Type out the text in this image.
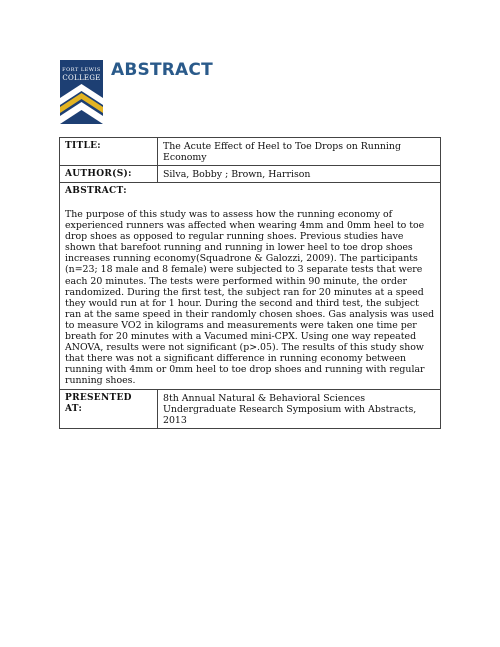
FORT LEWIS
COLLEGE ABSTRACT
TITLE:	The Acute Effect of Heel to Toe Drops on Running Economy
AUTHOR(S):	Silva, Bobby ; Brown, Harrison

ABSTRACT:

The purpose of this study was to assess how the running economy of experienced runners was affected when wearing 4mm and 0mm heel to toe drop shoes as opposed to regular running shoes. Previous studies have shown that barefoot running and running in lower heel to toe drop shoes increases running economy(Squadrone & Galozzi, 2009). The participants (n=23; 18 male and 8 female) were subjected to 3 separate tests that were each 20 minutes. The tests were performed within 90 minute, the order randomized. During the first test, the subject ran for 20 minutes at a speed they would run at for 1 hour. During the second and third test, the subject ran at the same speed in their randomly chosen shoes. Gas analysis was used to measure VO2 in kilograms and measurements were taken one time per breath for 20 minutes with a Vacumed mini-CPX. Using one way repeated ANOVA, results were not significant (p>.05). The results of this study show that there was not a significant difference in running economy between running with 4mm or 0mm heel to toe drop shoes and running with regular running shoes.	

PRESENTED AT:	8th Annual Natural & Behavioral Sciences Undergraduate Research Symposium with Abstracts, 2013
